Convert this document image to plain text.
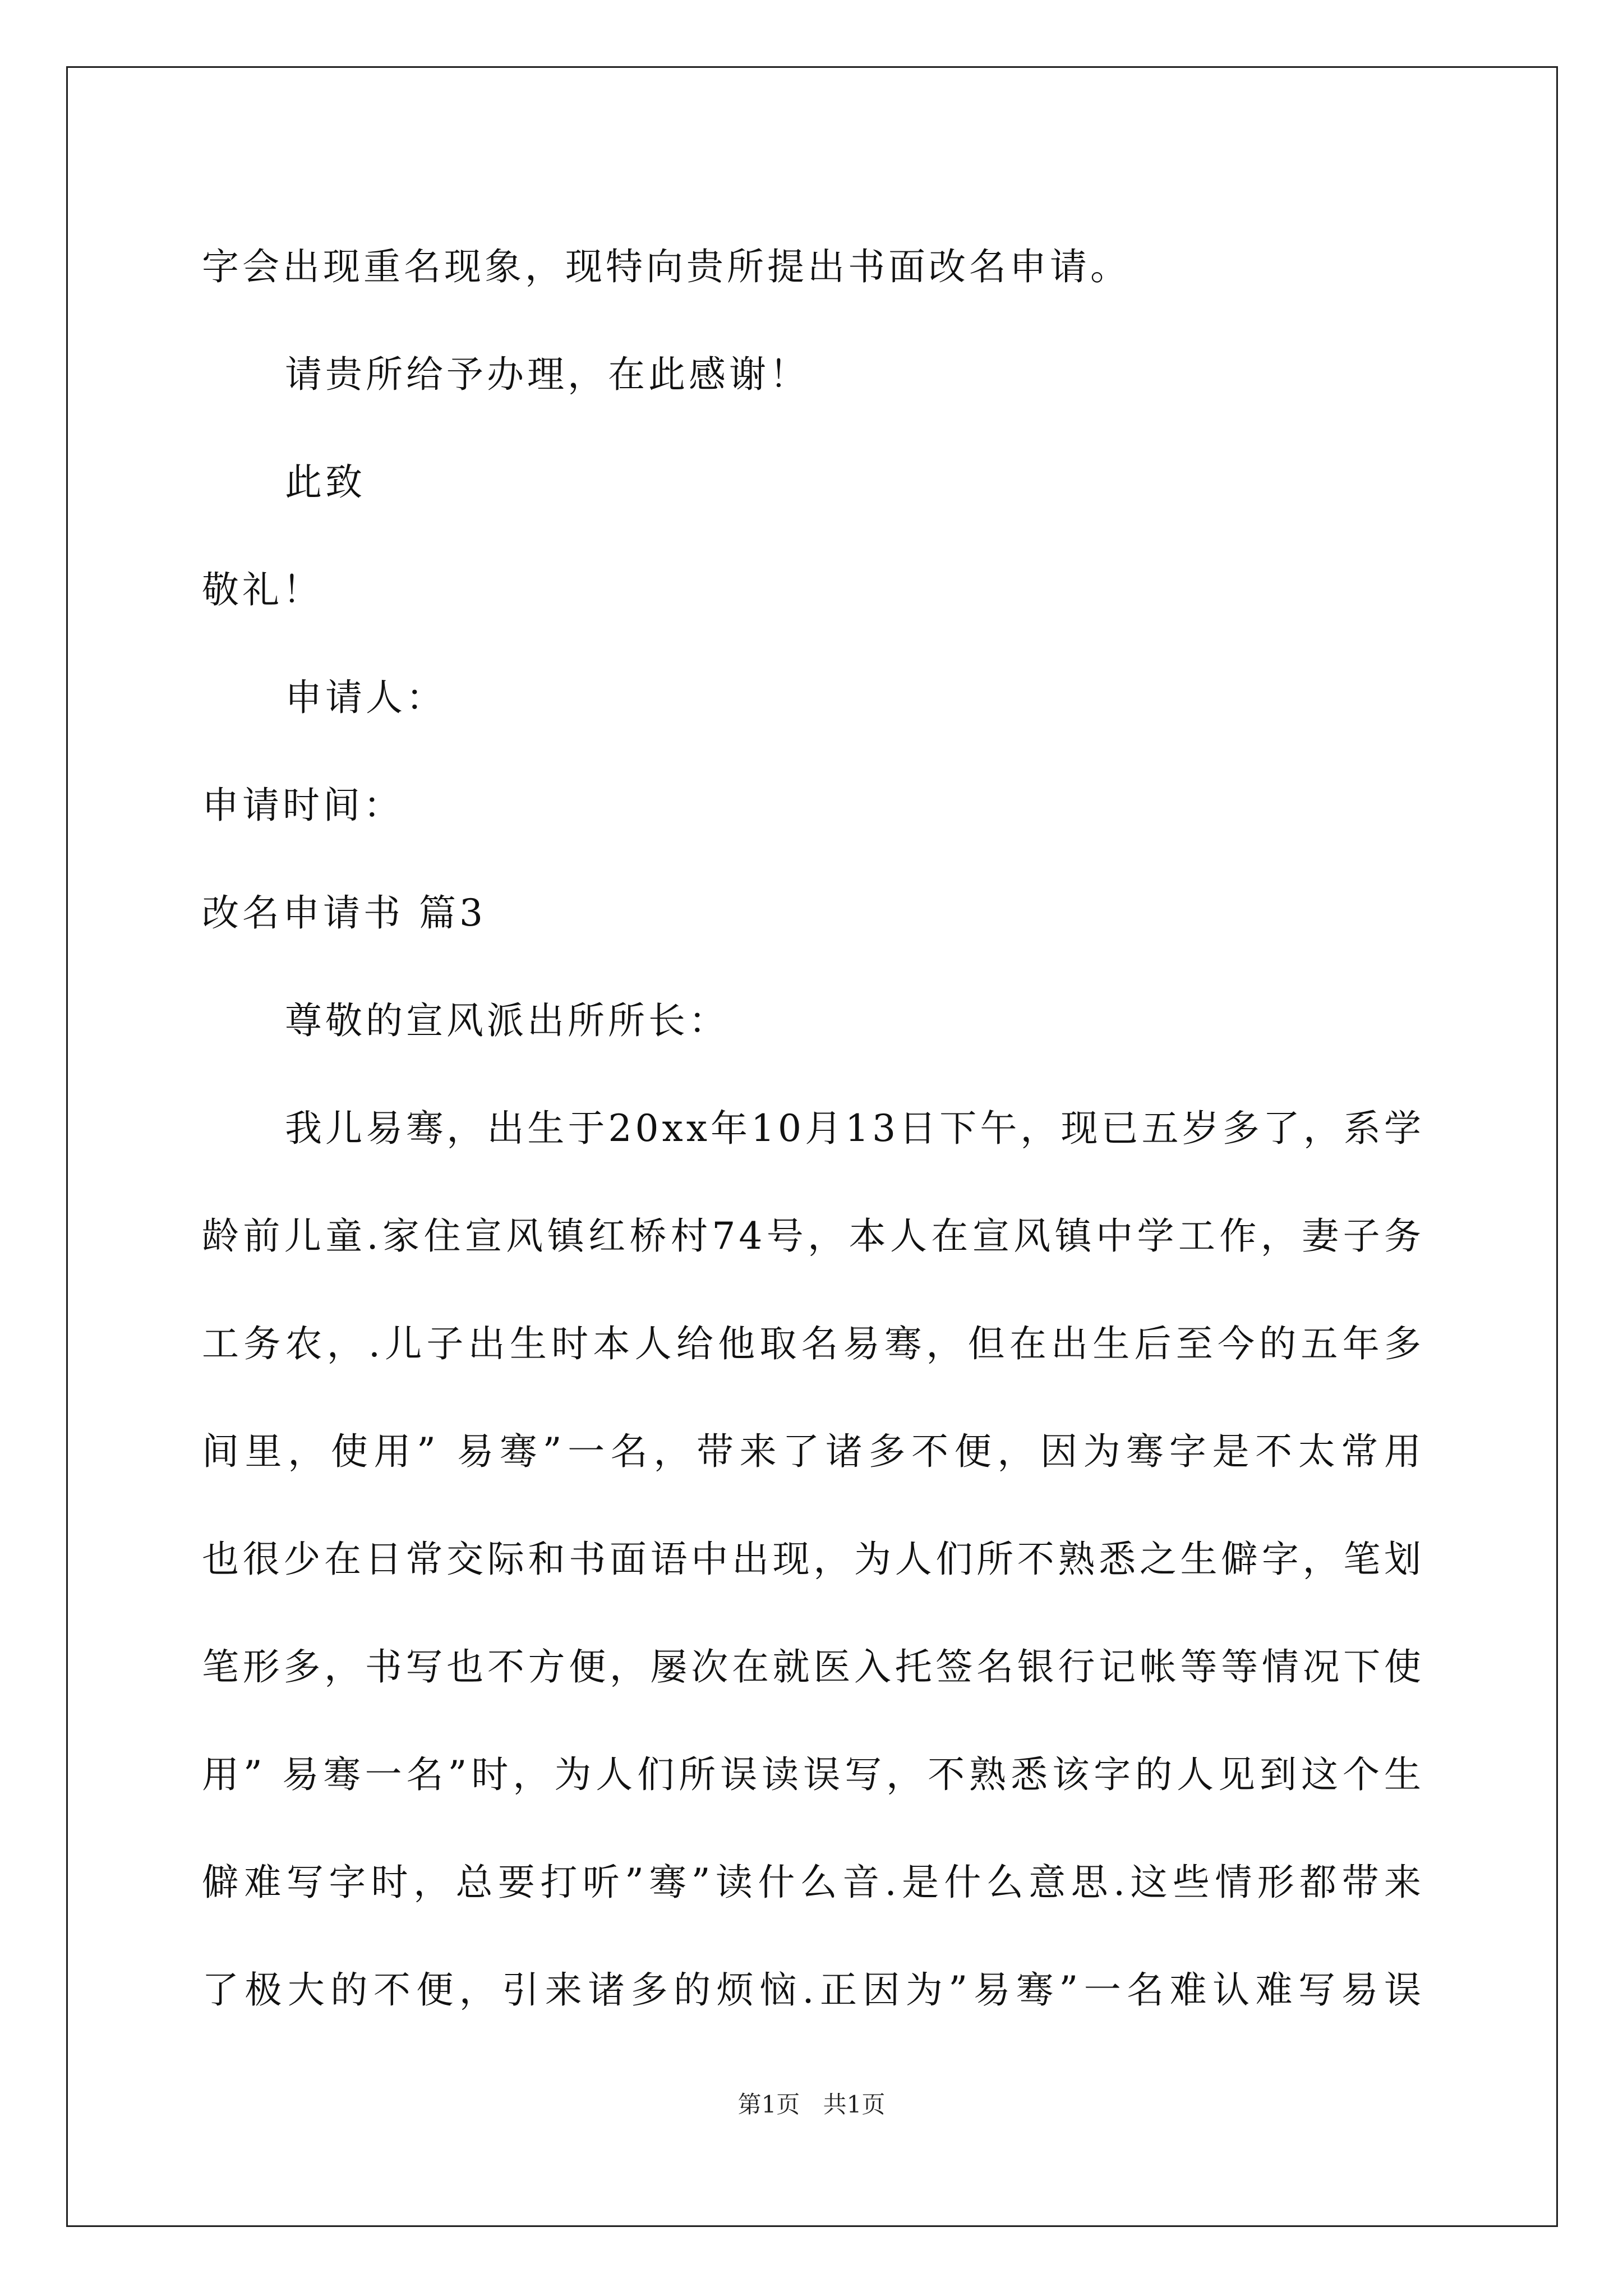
字会出现重名现象，现特向贵所提出书面改名申请。
请贵所给予办理，在此感谢！
此致
敬礼！
申请人：
申请时间：
改名申请书 篇3
尊敬的宣风派出所所长：
我儿易骞，出生于20xx年10月13日下午，现已五岁多了，系学
龄前儿童.家住宣风镇红桥村74号，本人在宣风镇中学工作，妻子务
工务农，.儿子出生时本人给他取名易骞，但在出生后至今的五年多
间里，使用” 易骞”一名，带来了诸多不便，因为骞字是不太常用
也很少在日常交际和书面语中出现，为人们所不熟悉之生僻字，笔划
笔形多，书写也不方便，屡次在就医入托签名银行记帐等等情况下使
用” 易骞一名”时，为人们所误读误写，不熟悉该字的人见到这个生
僻难写字时，总要打听”骞”读什么音.是什么意思.这些情形都带来
了极大的不便，引来诸多的烦恼.正因为”易骞”一名难认难写易误
第1页 共1页
